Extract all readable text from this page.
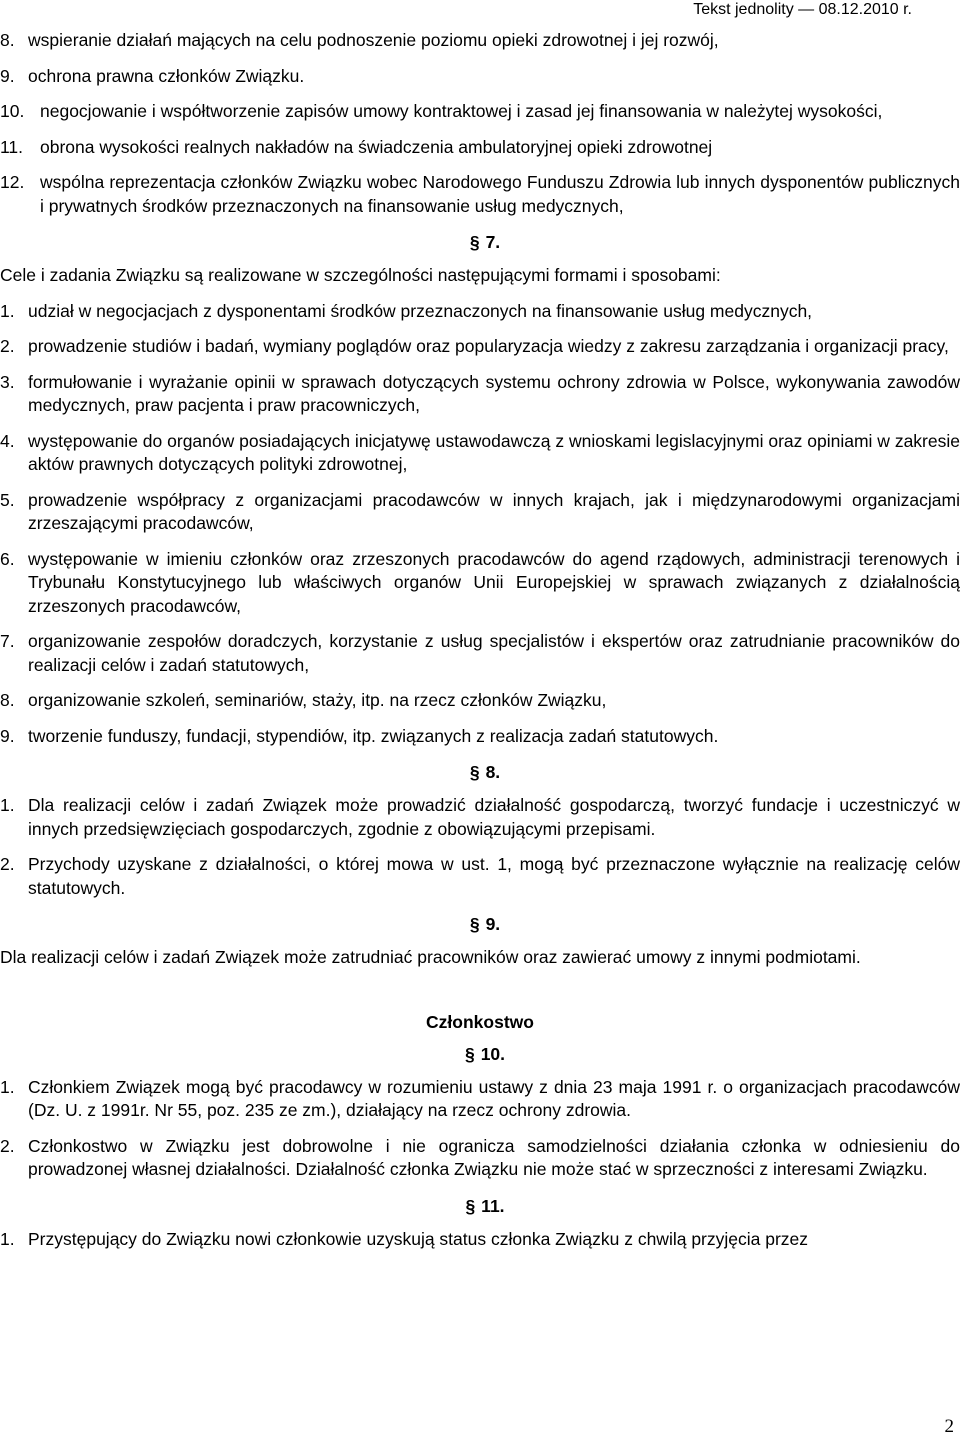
Tekst jednolity — 08.12.2010 r.
8. wspieranie działań mających na celu podnoszenie poziomu opieki zdrowotnej i jej rozwój,
9. ochrona prawna członków Związku.
10. negocjowanie i współtworzenie zapisów umowy kontraktowej i zasad jej finansowania w należytej wysokości,
11. obrona wysokości realnych nakładów na świadczenia ambulatoryjnej opieki zdrowotnej
12. wspólna reprezentacja członków Związku wobec Narodowego Funduszu Zdrowia lub innych dysponentów publicznych i prywatnych środków przeznaczonych na finansowanie usług medycznych,
§ 7.
Cele i zadania Związku są realizowane w szczególności następującymi formami i sposobami:
1. udział w negocjacjach z dysponentami środków przeznaczonych na finansowanie usług medycznych,
2. prowadzenie studiów i badań, wymiany poglądów oraz popularyzacja wiedzy z zakresu zarządzania i organizacji pracy,
3. formułowanie i wyrażanie opinii w sprawach dotyczących systemu ochrony zdrowia w Polsce, wykonywania zawodów medycznych, praw pacjenta i praw pracowniczych,
4. występowanie do organów posiadających inicjatywę ustawodawczą z wnioskami legislacyjnymi oraz opiniami w zakresie aktów prawnych dotyczących polityki zdrowotnej,
5. prowadzenie współpracy z organizacjami pracodawców w innych krajach, jak i międzynarodowymi organizacjami zrzeszającymi pracodawców,
6. występowanie w imieniu członków oraz zrzeszonych pracodawców do agend rządowych, administracji terenowych i Trybunału Konstytucyjnego lub właściwych organów Unii Europejskiej w sprawach związanych z działalnością zrzeszonych pracodawców,
7. organizowanie zespołów doradczych, korzystanie z usług specjalistów i ekspertów oraz zatrudnianie pracowników do realizacji celów i zadań statutowych,
8. organizowanie szkoleń, seminariów, staży, itp. na rzecz członków Związku,
9. tworzenie funduszy, fundacji, stypendiów, itp. związanych z realizacja zadań statutowych.
§ 8.
1. Dla realizacji celów i zadań Związek może prowadzić działalność gospodarczą, tworzyć fundacje i uczestniczyć w innych przedsięwzięciach gospodarczych, zgodnie z obowiązującymi przepisami.
2. Przychody uzyskane z działalności, o której mowa w ust. 1, mogą być przeznaczone wyłącznie na realizację celów statutowych.
§ 9.
Dla realizacji celów i zadań Związek może zatrudniać pracowników oraz zawierać umowy z innymi podmiotami.
Członkostwo
§ 10.
1. Członkiem Związek mogą być pracodawcy w rozumieniu ustawy z dnia 23 maja 1991 r. o organizacjach pracodawców (Dz. U. z 1991r. Nr 55, poz. 235 ze zm.), działający na rzecz ochrony zdrowia.
2. Członkostwo w Związku jest dobrowolne i nie ogranicza samodzielności działania członka w odniesieniu do prowadzonej własnej działalności. Działalność członka Związku nie może stać w sprzeczności z interesami Związku.
§ 11.
1. Przystępujący do Związku nowi członkowie uzyskują status członka Związku z chwilą przyjęcia przez
2
